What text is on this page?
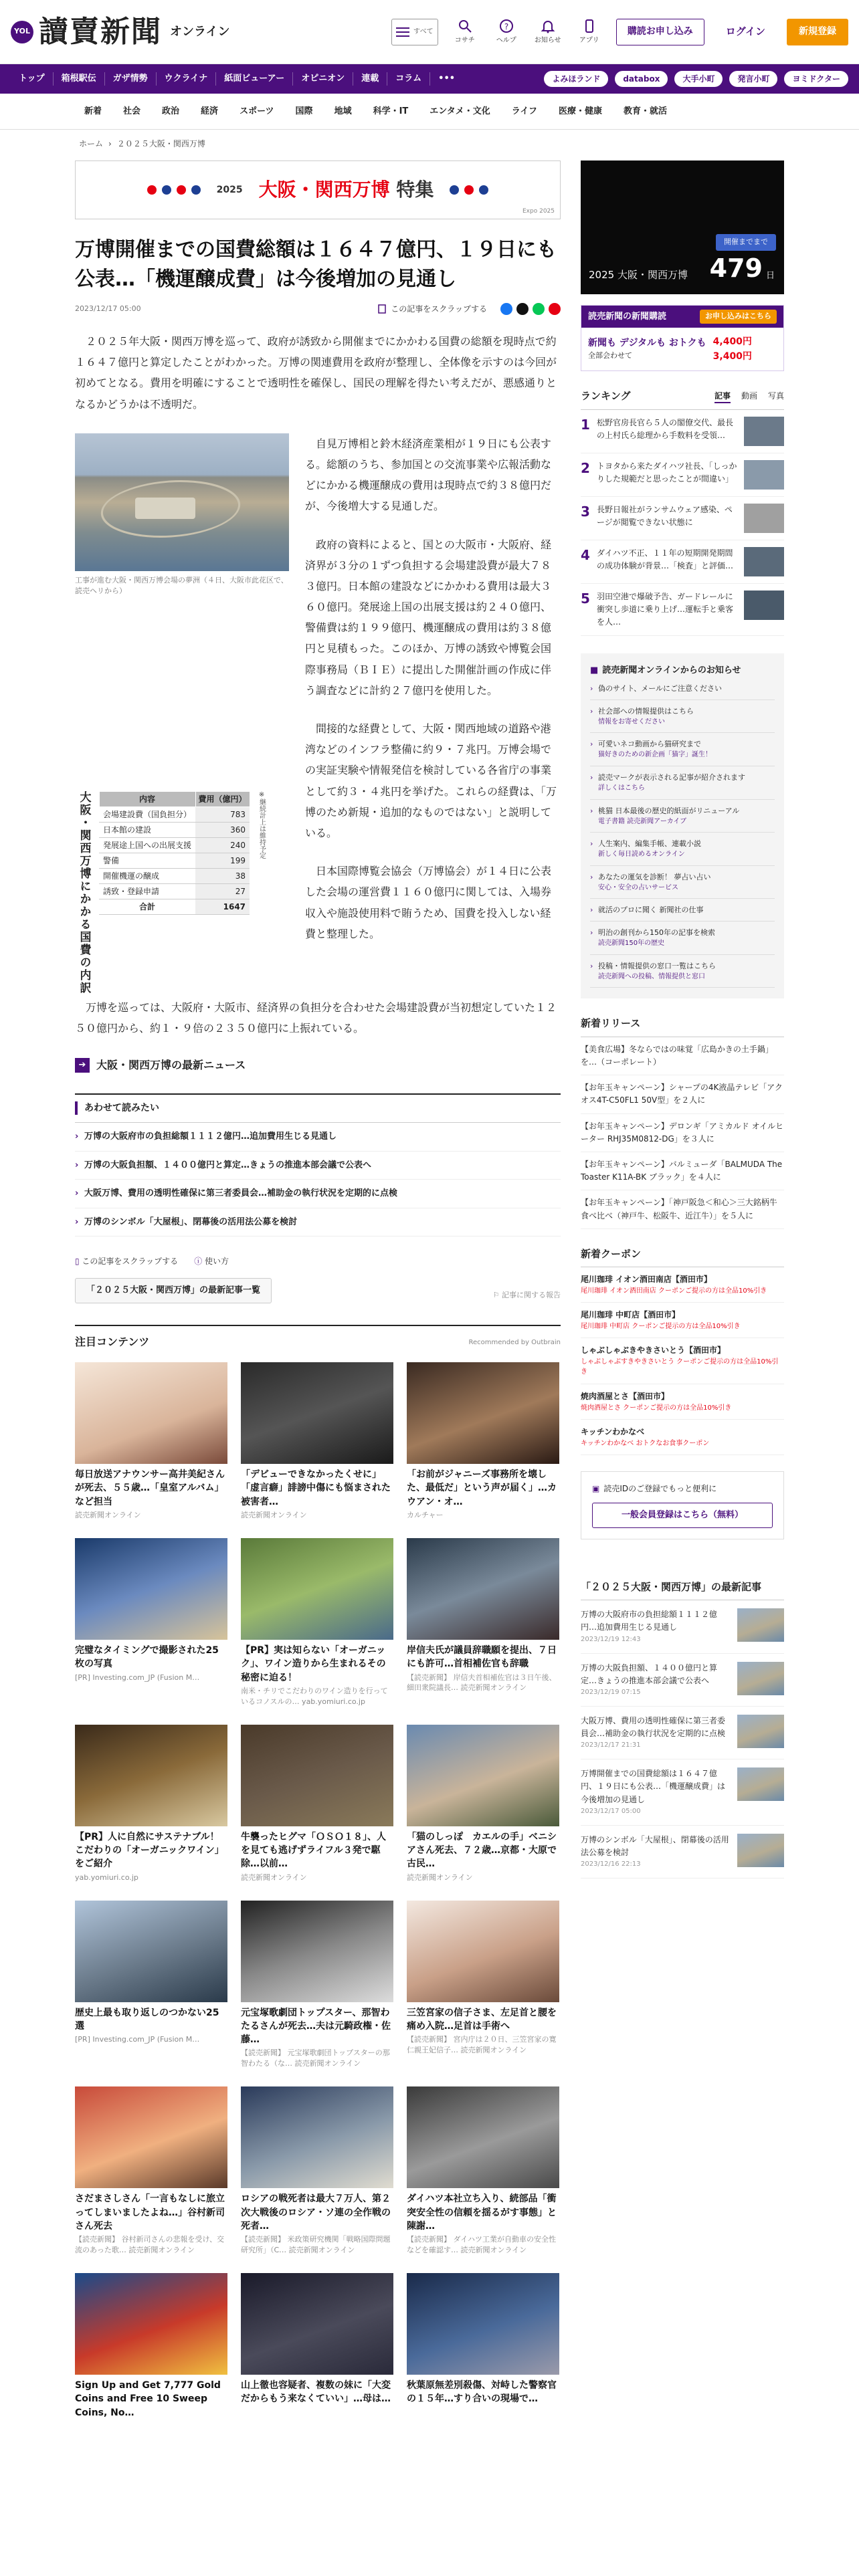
YOL 讀賣新聞 オンライン	すべて
コサチ
?
ヘルプ	お知らせ	アプリ
購読お申し込み	ログイン	新規登録
トップ	箱根駅伝	ガザ情勢	ウクライナ	紙面ビューアー	オピニオン	連載	コラム	•••	よみほランド	databox	大手小町	発言小町	ヨミドクター
新着	社会	政治	経済	スポーツ	国際	地域	科学・IT	エンタメ・文化	ライフ	医療・健康	教育・就活
ホーム › ２０２５大阪・関西万博
2025 大阪・関西万博 特集
Expo 2025
万博開催までの国費総額は１６４７億円、１９日にも公表…「機運醸成費」は今後増加の見通し
2023/12/17 05:00	この記事をスクラップする

２０２５年大阪・関西万博を巡って、政府が誘致から開催までにかかわる国費の総額を現時点で約１６４７億円と算定したことがわかった。万博の関連費用を政府が整理し、全体像を示すのは今回が初めてとなる。費用を明確にすることで透明性を確保し、国民の理解を得たい考えだが、悪感通りとなるかどうかは不透明だ。

工事が進む大阪・関西万博会場の夢洲（４日、大阪市此花区で、読売ヘリから）
大阪・関西万博にかかる国費の内訳	内容	費用（億円）
会場建設費（国負担分）	783
日本館の建設	360
発展途上国への出展支援	240
警備	199
開催機運の醸成	38
誘致・登録申請	27
合計	1647
※継続計上は維持予定

自見万博相と鈴木経済産業相が１９日にも公表する。総額のうち、参加国との交流事業や広報活動などにかかる機運醸成の費用は現時点で約３８億円だが、今後増大する見通しだ。

政府の資料によると、国との大阪市・大阪府、経済界が３分の１ずつ負担する会場建設費が最大７８３億円。日本館の建設などにかかわる費用は最大３６０億円。発展途上国の出展支援は約２４０億円、警備費は約１９９億円、機運醸成の費用は約３８億円と見積もった。このほか、万博の誘致や博覧会国際事務局（ＢＩＥ）に提出した開催計画の作成に伴う調査などに計約２７億円を使用した。

間接的な経費として、大阪・関西地域の道路や港湾などのインフラ整備に約９・７兆円。万博会場での実証実験や情報発信を検討している各省庁の事業として約３・４兆円を挙げた。これらの経費は、「万博のため新規・追加的なものではない」と説明している。

日本国際博覧会協会（万博協会）が１４日に公表した会場の運営費１１６０億円に関しては、入場券収入や施設使用料で賄うため、国費を投入しない経費と整理した。

万博を巡っては、大阪府・大阪市、経済界の負担分を合わせた会場建設費が当初想定していた１２５０億円から、約１・９倍の２３５０億円に上振れている。

➔ 大阪・関西万博の最新ニュース
あわせて読みたい
› 万博の大阪府市の負担総額１１１２億円…追加費用生じる見通し
› 万博の大阪負担額、１４００億円と算定…きょうの推進本部会議で公表へ
› 大阪万博、費用の透明性確保に第三者委員会…補助金の執行状況を定期的に点検
› 万博のシンボル「大屋根」、閉幕後の活用法公募を検討
▯ この記事をスクラップする ⓘ 使い方
「２０２５大阪・関西万博」の最新記事一覧	⚐ 記事に関する報告
注目コンテンツ	Recommended by Outbrain
毎日放送アナウンサー高井美紀さんが死去、５５歳…「皇室アルバム」など担当
読売新聞オンライン
「デビューできなかったくせに」「虚言癖」誹謗中傷にも悩まされた被害者…
読売新聞オンライン
「お前がジャニーズ事務所を壊した、最低だ」という声が届く」…カウアン・オ…
カルチャー
完璧なタイミングで撮影された25枚の写真
[PR] Investing.com_JP (Fusion M…
【PR】実は知らない「オーガニック」、ワイン造りから生まれるその秘密に迫る！
南米・チリでこだわりのワイン造りを行っているコノスルの… yab.yomiuri.co.jp
岸信夫氏が議員辞職願を提出、７日にも許可…首相補佐官も辞職
【読売新聞】 岸信夫首相補佐官は３日午後、細田衆院議長… 読売新聞オンライン
【PR】人に自然にサステナブル！こだわりの「オーガニックワイン」をご紹介
yab.yomiuri.co.jp
牛襲ったヒグマ「ＯＳＯ１８」、人を見ても逃げずライフル３発で駆除…以前…
読売新聞オンライン
「猫のしっぽ　カエルの手」ベニシアさん死去、７２歳…京都・大原で古民…
読売新聞オンライン
歴史上最も取り返しのつかない25選
[PR] Investing.com_JP (Fusion M…
元宝塚歌劇団トップスター、那智わたるさんが死去…夫は元騎政権・佐藤…
【読売新聞】 元宝塚歌劇団トップスターの那智わたる（な… 読売新聞オンライン
三笠宮家の信子さま、左足首と腰を痛め入院…足首は手術へ
【読売新聞】 宮内庁は２０日、三笠宮家の寛仁親王妃信子… 読売新聞オンライン
さだまさしさん「一言もなしに旅立ってしまいましたよね…」谷村新司さん死去
【読売新聞】 谷村新司さんの悲報を受け、交流のあった歌… 読売新聞オンライン
ロシアの戦死者は最大７万人、第２次大戦後のロシア・ソ連の全作戦の死者…
【読売新聞】 米政策研究機関「戦略国際問題研究所」（C… 読売新聞オンライン
ダイハツ本社立ち入り、続部品「衝突安全性の信頼を揺るがす事態」と陳謝…
【読売新聞】 ダイハツ工業が自動車の安全性などを確認す… 読売新聞オンライン
Sign Up and Get 7,777 Gold Coins and Free 10 Sweep Coins, No…
山上徹也容疑者、複数の妹に「大変だからもう来なくていい」…母は…
秋葉原無差別殺傷、対峙した警察官の１５年…すり合いの現場で…
開催までまで
2025 大阪・関西万博 479 日
読売新聞の新聞購読	お申し込みはこちら
新聞も デジタルも おトクも
全部会わせて
4,400円
3,400円
ランキング	記事 動画 写真
1 松野官房長官ら５人の閣僚交代、最長の上村氏ら総理から手数料を受領…
2 トヨタから来たダイハツ社長、「しっかりした規範だと思ったことが間違い」
3 長野日報社がランサムウェア感染、ページが閲覧できない状態に
4 ダイハツ不正、１１年の短期開発期間の成功体験が背景…「検査」と評価…
5 羽田空港で爆破予告、ガードレールに衝突し歩道に乗り上げ…運転手と乗客を人…
■ 読売新聞オンラインからのお知らせ
› 偽のサイト、メールにご注意ください
› 社会部への情報提供はこちら
情報をお寄せください
› 可愛いネコ動画から猫研究まで
猫好きのための新企画「猫字」誕生！
› 読売マークが表示される記事が紹介されます
詳しくはこちら
› 桃猫 日本最後の歴史的紙面がリニューアル
電子書籍 読売新聞アーカイブ
› 人生案内、編集手帳、連載小説
新しく毎日読めるオンライン
› あなたの運気を診断！ 夢占い占い
安心・安全の占いサービス
› 就活のプロに聞く 新聞社の仕事
› 明治の創刊から150年の記事を検索
読売新聞150年の歴史
› 投稿・情報提供の窓口一覧はこちら
読売新聞への投稿、情報提供と窓口
新着リリース
【美食広場】冬ならではの味覚「広島かきの土手鍋」を…（コーポレート）
【お年玉キャンペーン】シャープの4K液晶テレビ「アクオス4T-C50FL1 50V型」を２人に
【お年玉キャンペーン】デロンギ「アミカルド オイルヒーター RHJ35M0812-DG」を３人に
【お年玉キャンペーン】バルミューダ「BALMUDA The Toaster K11A-BK ブラック」を４人に
【お年玉キャンペーン】「神戸阪急＜和心＞三大銘柄牛 食べ比べ（神戸牛、松阪牛、近江牛）」を５人に
新着クーポン
尾川珈琲 イオン酒田南店【酒田市】
尾川珈琲 イオン酒田南店 クーポンご提示の方は全品10%引き
尾川珈琲 中町店【酒田市】
尾川珈琲 中町店 クーポンご提示の方は全品10%引き
しゃぶしゃぶきやきさいとう【酒田市】
しゃぶしゃぶすきやきさいとう クーポンご提示の方は全品10%引き
焼肉酒屋とさ【酒田市】
焼肉酒屋とさ クーポンご提示の方は全品10%引き
キッチンわかなべ
キッチンわかなべ おトクなお食事クーポン

▣ 読売IDのご登録でもっと便利に

一般会員登録はこちら（無料）
「２０２５大阪・関西万博」の最新記事
万博の大阪府市の負担総額１１１２億円…追加費用生じる見通し
2023/12/19 12:43
万博の大阪負担額、１４００億円と算定…きょうの推進本部会議で公表へ
2023/12/19 07:15
大阪万博、費用の透明性確保に第三者委員会…補助金の執行状況を定期的に点検
2023/12/17 21:31
万博開催までの国費総額は１６４７億円、１９日にも公表…「機運醸成費」は今後増加の見通し
2023/12/17 05:00
万博のシンボル「大屋根」、閉幕後の活用法公募を検討
2023/12/16 22:13
